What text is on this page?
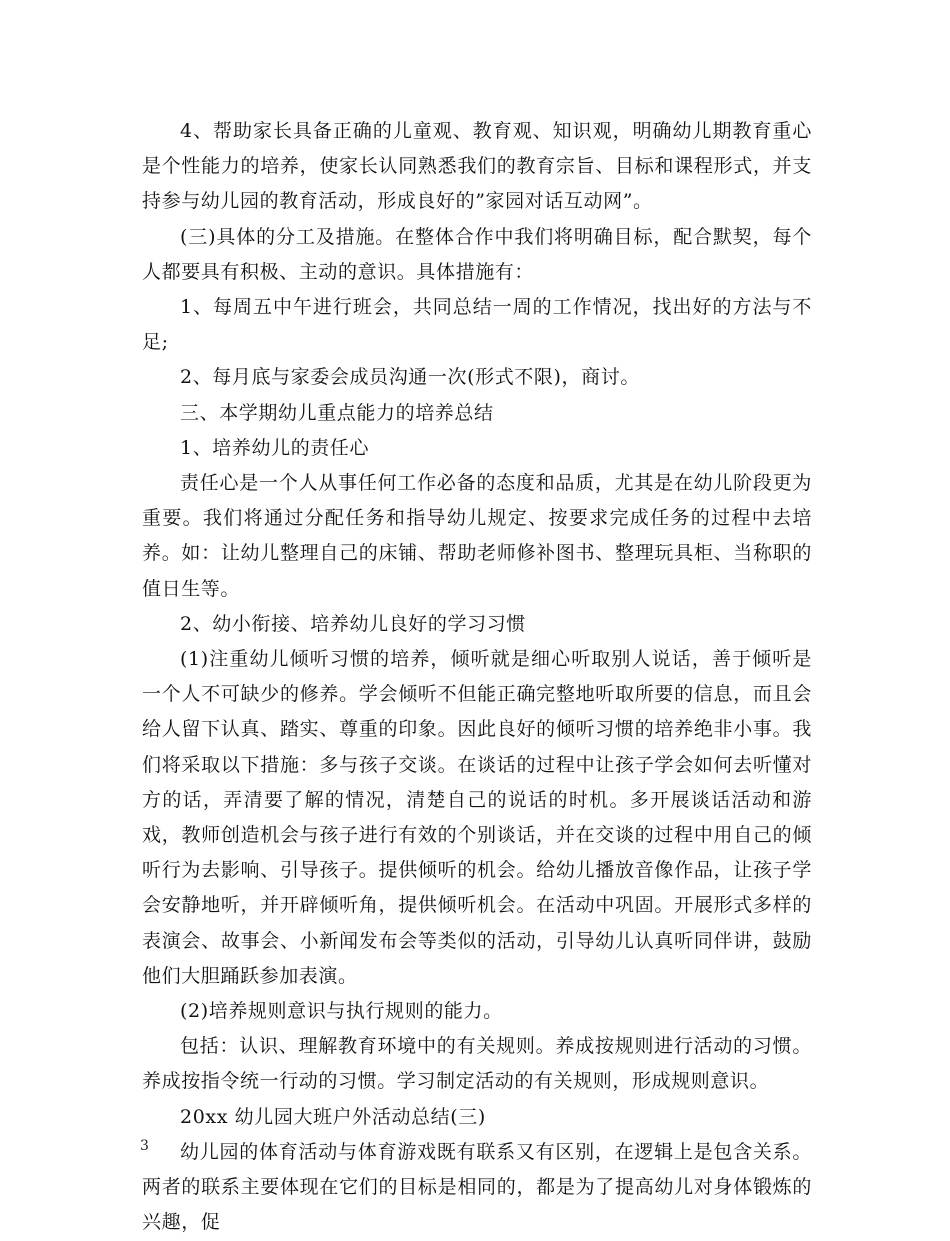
4、帮助家长具备正确的儿童观、教育观、知识观，明确幼儿期教育重心是个性能力的培养，使家长认同熟悉我们的教育宗旨、目标和课程形式，并支持参与幼儿园的教育活动，形成良好的”家园对话互动网”。

(三)具体的分工及措施。在整体合作中我们将明确目标，配合默契，每个人都要具有积极、主动的意识。具体措施有：

1、每周五中午进行班会，共同总结一周的工作情况，找出好的方法与不足;

2、每月底与家委会成员沟通一次(形式不限)，商讨。

三、本学期幼儿重点能力的培养总结

1、培养幼儿的责任心

责任心是一个人从事任何工作必备的态度和品质，尤其是在幼儿阶段更为重要。我们将通过分配任务和指导幼儿规定、按要求完成任务的过程中去培养。如：让幼儿整理自己的床铺、帮助老师修补图书、整理玩具柜、当称职的值日生等。

2、幼小衔接、培养幼儿良好的学习习惯

(1)注重幼儿倾听习惯的培养，倾听就是细心听取别人说话，善于倾听是一个人不可缺少的修养。学会倾听不但能正确完整地听取所要的信息，而且会给人留下认真、踏实、尊重的印象。因此良好的倾听习惯的培养绝非小事。我们将采取以下措施：多与孩子交谈。在谈话的过程中让孩子学会如何去听懂对方的话，弄清要了解的情况，清楚自己的说话的时机。多开展谈话活动和游戏，教师创造机会与孩子进行有效的个别谈话，并在交谈的过程中用自己的倾听行为去影响、引导孩子。提供倾听的机会。给幼儿播放音像作品，让孩子学会安静地听，并开辟倾听角，提供倾听机会。在活动中巩固。开展形式多样的表演会、故事会、小新闻发布会等类似的活动，引导幼儿认真听同伴讲，鼓励他们大胆踊跃参加表演。

(2)培养规则意识与执行规则的能力。

包括：认识、理解教育环境中的有关规则。养成按规则进行活动的习惯。养成按指令统一行动的习惯。学习制定活动的有关规则，形成规则意识。

20xx 幼儿园大班户外活动总结(三)

幼儿园的体育活动与体育游戏既有联系又有区别，在逻辑上是包含关系。两者的联系主要体现在它们的目标是相同的，都是为了提高幼儿对身体锻炼的兴趣，促

3
